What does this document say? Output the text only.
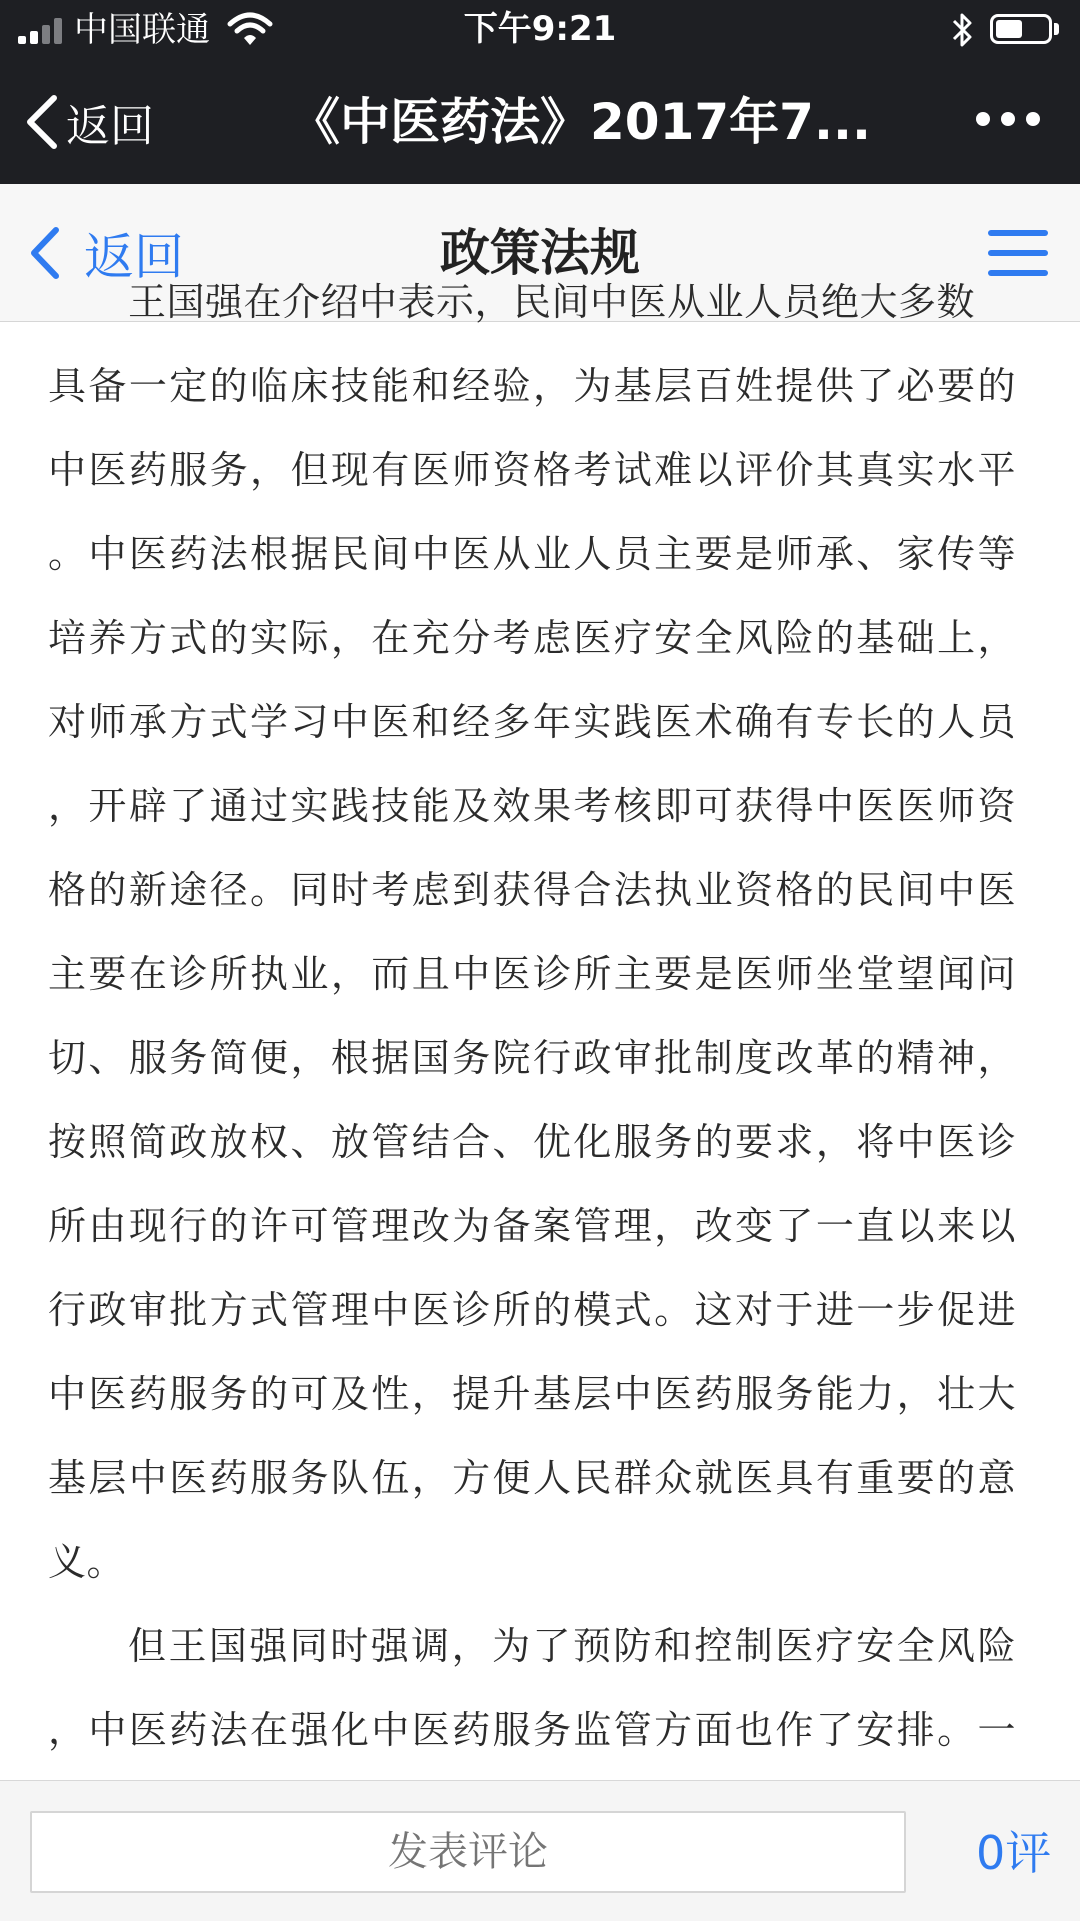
中国联通	下午9:21
返回	《中医药法》2017年7...
返回	政策法规
王国强在介绍中表示，民间中医从业人员绝大多数
具备一定的临床技能和经验，为基层百姓提供了必要的
中医药服务，但现有医师资格考试难以评价其真实水平
。中医药法根据民间中医从业人员主要是师承、家传等
培养方式的实际，在充分考虑医疗安全风险的基础上，
对师承方式学习中医和经多年实践医术确有专长的人员
，开辟了通过实践技能及效果考核即可获得中医医师资
格的新途径。同时考虑到获得合法执业资格的民间中医
主要在诊所执业，而且中医诊所主要是医师坐堂望闻问
切、服务简便，根据国务院行政审批制度改革的精神，
按照简政放权、放管结合、优化服务的要求，将中医诊
所由现行的许可管理改为备案管理，改变了一直以来以
行政审批方式管理中医诊所的模式。这对于进一步促进
中医药服务的可及性，提升基层中医药服务能力，壮大
基层中医药服务队伍，方便人民群众就医具有重要的意
义。
但王国强同时强调，为了预防和控制医疗安全风险
，中医药法在强化中医药服务监管方面也作了安排。一
发表评论
0评
